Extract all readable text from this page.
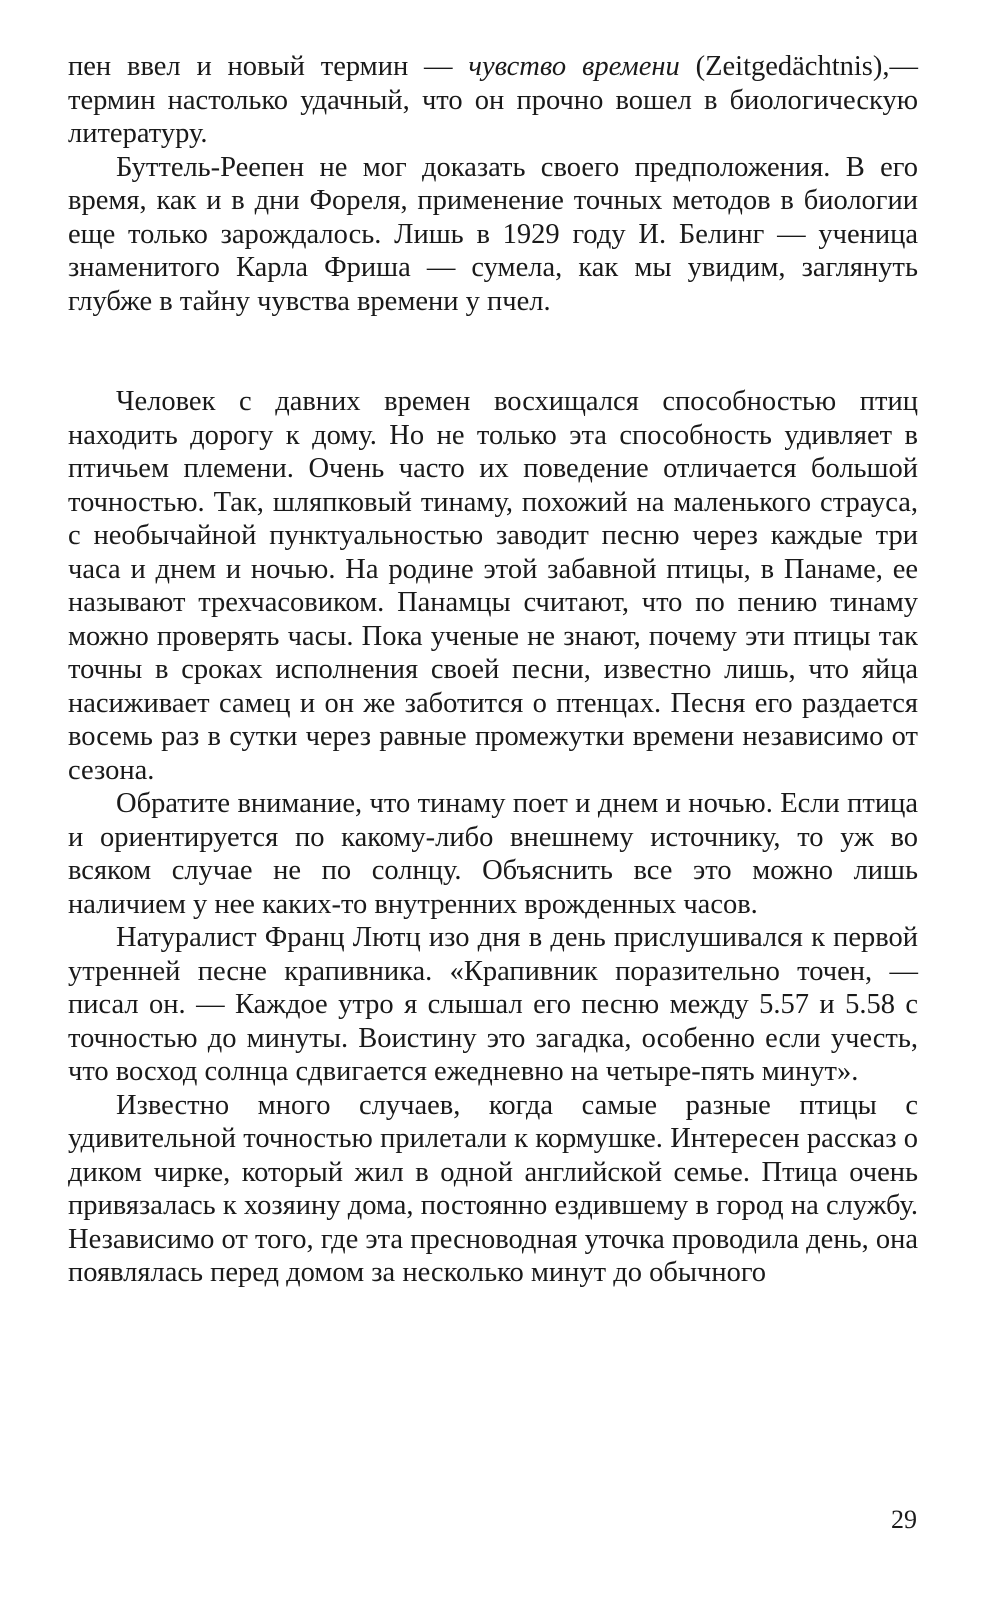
пен ввел и новый термин — чувство времени (Zeitgedächtnis),— термин настолько удачный, что он прочно вошел в биологическую литературу.

Буттель-Реепен не мог доказать своего предположения. В его время, как и в дни Фореля, применение точных методов в биологии еще только зарождалось. Лишь в 1929 году И. Белинг — ученица знаменитого Карла Фриша — сумела, как мы увидим, заглянуть глубже в тайну чувства времени у пчел.

Человек с давних времен восхищался способностью птиц находить дорогу к дому. Но не только эта способность удивляет в птичьем племени. Очень часто их поведение отличается большой точностью. Так, шляпковый тинаму, похожий на маленького страуса, с необычайной пунктуальностью заводит песню через каждые три часа и днем и ночью. На родине этой забавной птицы, в Панаме, ее называют трехчасовиком. Панамцы считают, что по пению тинаму можно проверять часы. Пока ученые не знают, почему эти птицы так точны в сроках исполнения своей песни, известно лишь, что яйца насиживает самец и он же заботится о птенцах. Песня его раздается восемь раз в сутки через равные промежутки времени независимо от сезона.

Обратите внимание, что тинаму поет и днем и ночью. Если птица и ориентируется по какому-либо внешнему источнику, то уж во всяком случае не по солнцу. Объяснить все это можно лишь наличием у нее каких-то внутренних врожденных часов.

Натуралист Франц Лютц изо дня в день прислушивался к первой утренней песне крапивника. «Крапивник поразительно точен, — писал он. — Каждое утро я слышал его песню между 5.57 и 5.58 с точностью до минуты. Воистину это загадка, особенно если учесть, что восход солнца сдвигается ежедневно на четыре-пять минут».

Известно много случаев, когда самые разные птицы с удивительной точностью прилетали к кормушке. Интересен рассказ о диком чирке, который жил в одной английской семье. Птица очень привязалась к хозяину дома, постоянно ездившему в город на службу. Независимо от того, где эта пресноводная уточка проводила день, она появлялась перед домом за несколько минут до обычного

29
